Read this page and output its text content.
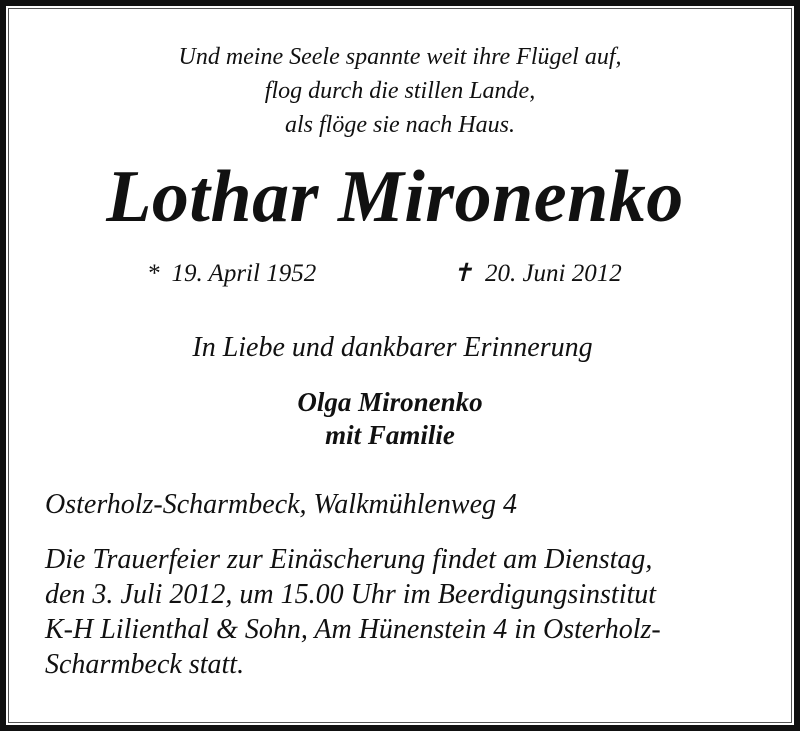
Und meine Seele spannte weit ihre Flügel auf,
flog durch die stillen Lande,
als flöge sie nach Haus.
Lothar Mironenko
* 19. April 1952	✝ 20. Juni 2012
In Liebe und dankbarer Erinnerung
Olga Mironenko
mit Familie
Osterholz-Scharmbeck, Walkmühlenweg 4
Die Trauerfeier zur Einäscherung findet am Dienstag,
den 3. Juli 2012, um 15.00 Uhr im Beerdigungsinstitut
K-H Lilienthal & Sohn, Am Hünenstein 4 in Osterholz-
Scharmbeck statt.
